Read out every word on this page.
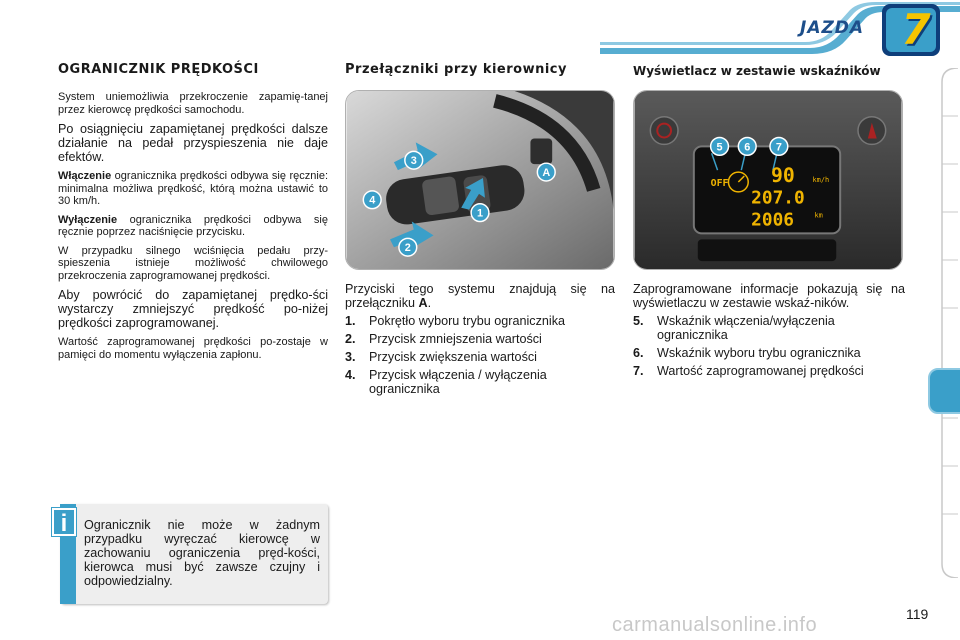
JAZDA 7
OGRANICZNIK PRĘDKOŚCI

System uniemożliwia przekroczenie zapamię-tanej przez kierowcę prędkości samochodu.

Po osiągnięciu zapamiętanej prędkości dalsze działanie na pedał przyspieszenia nie daje efektów.

Włączenie ogranicznika prędkości odbywa się ręcznie: minimalna możliwa prędkość, którą można ustawić to 30 km/h.

Wyłączenie ogranicznika prędkości odbywa się ręcznie poprzez naciśnięcie przycisku.

W przypadku silnego wciśnięcia pedału przy-spieszenia istnieje możliwość chwilowego przekroczenia zaprogramowanej prędkości.

Aby powrócić do zapamiętanej prędko-ści wystarczy zmniejszyć prędkość po-niżej prędkości zaprogramowanej.

Wartość zaprogramowanej prędkości po-zostaje w pamięci do momentu wyłączenia zapłonu.

Przełączniki przy kierownicy
3
4
2
1
A

Przyciski tego systemu znajdują się na przełączniku A.

1.	Pokrętło wyboru trybu ogranicznika
2.	Przycisk zmniejszenia wartości
3.	Przycisk zwiększenia wartości
4.	Przycisk włączenia / wyłączenia ogranicznika
Wyświetlacz w zestawie wskaźników
OFF 90	km/h
207.0
2006	km
5 6 7

Zaprogramowane informacje pokazują się na wyświetlaczu w zestawie wskaź-ników.

5.	Wskaźnik włączenia/wyłączenia ogranicznika
6.	Wskaźnik wyboru trybu ogranicznika
7.	Wartość zaprogramowanej prędkości
i	Ogranicznik nie może w żadnym przypadku wyręczać kierowcę w zachowaniu ograniczenia pręd-kości, kierowca musi być zawsze czujny i odpowiedzialny.
119
carmanualsonline.info
